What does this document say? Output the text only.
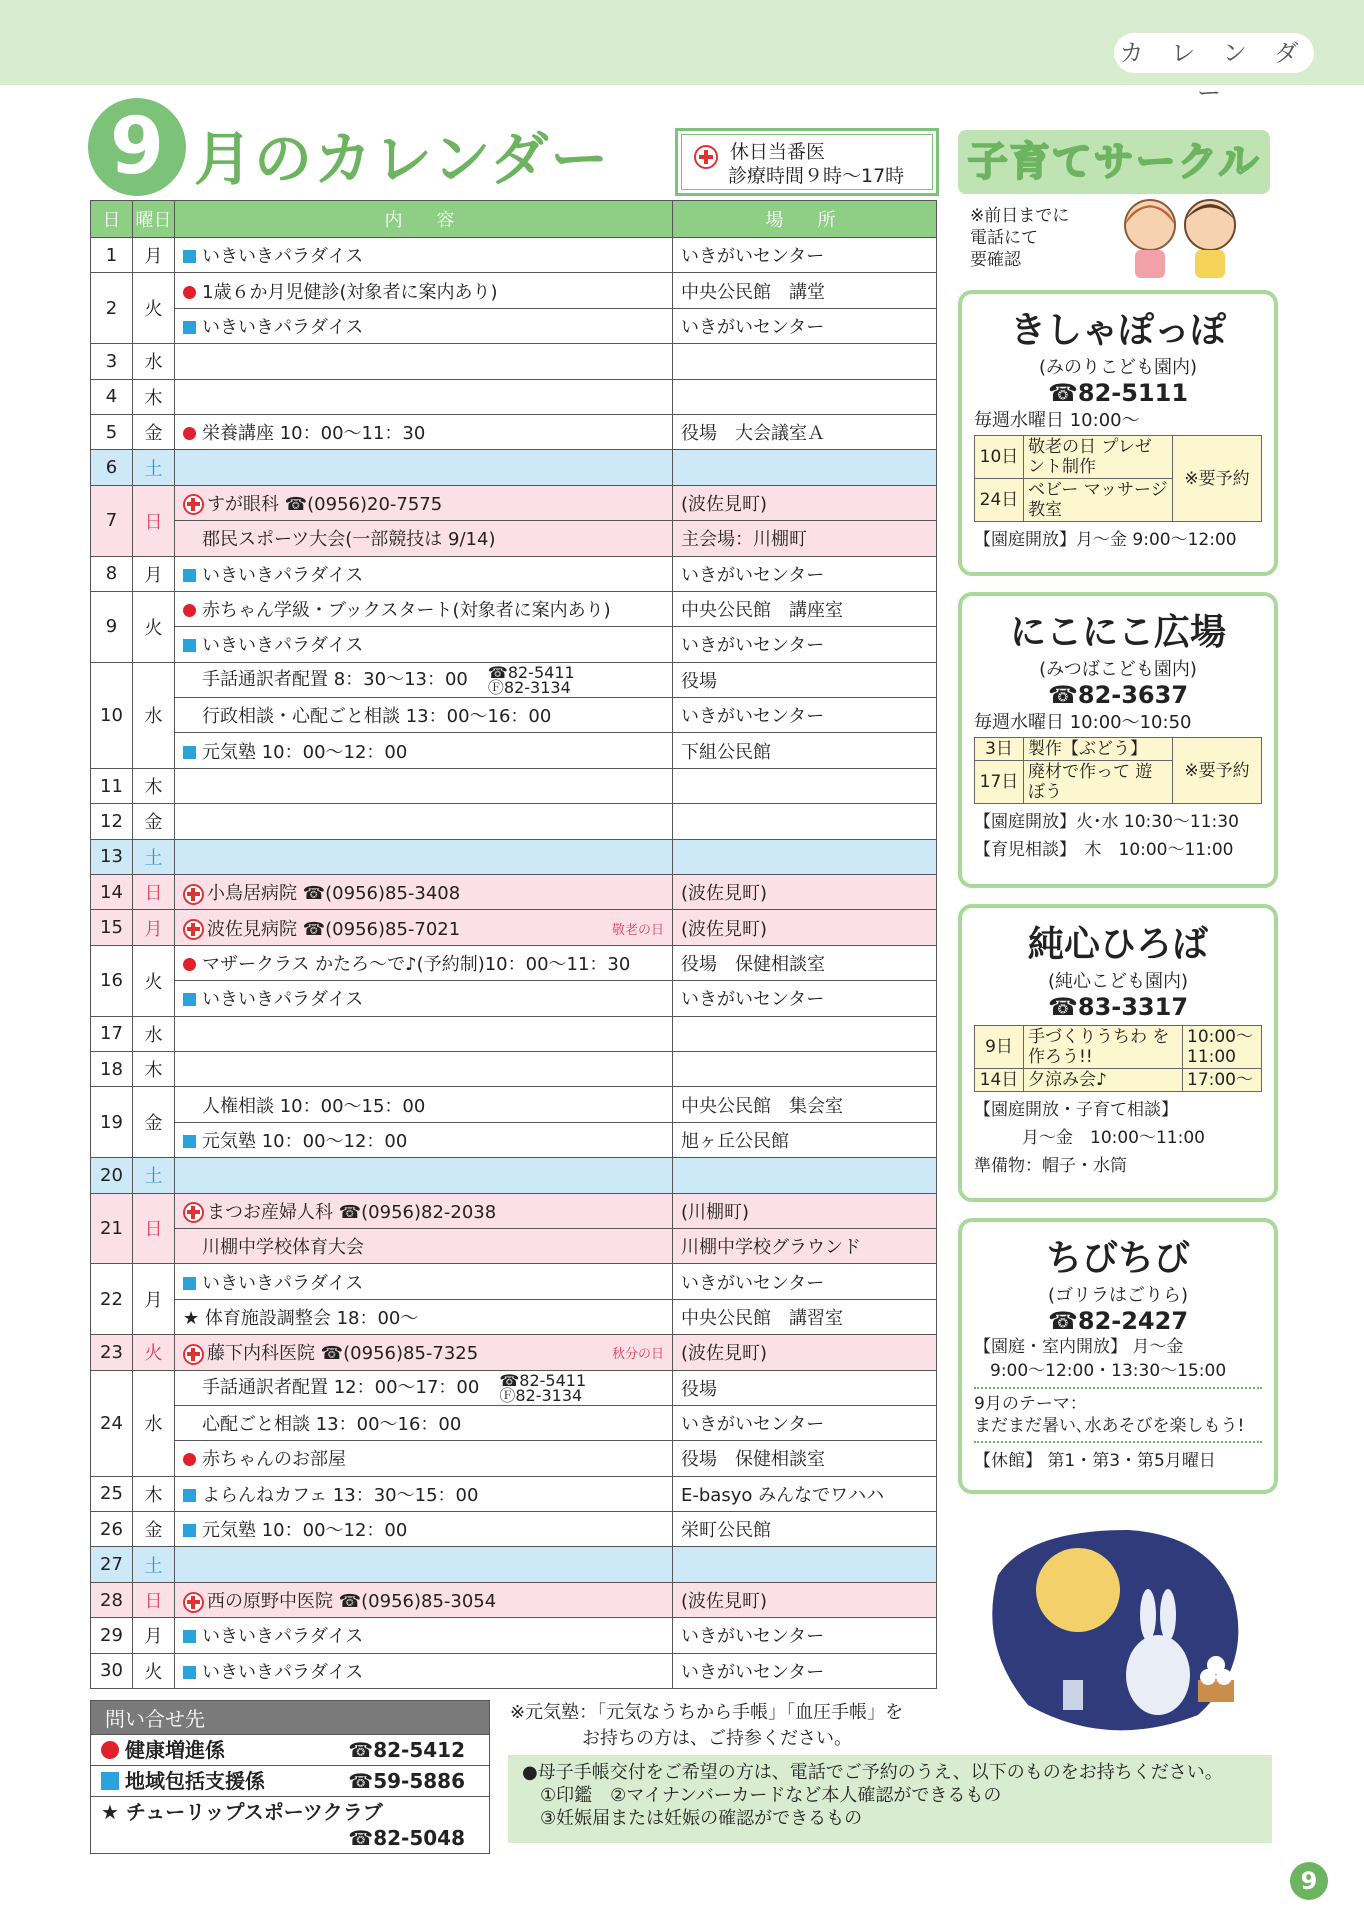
カ レ ン ダ ー
9 月のカレンダー	休日当番医
診療時間９時～17時
日	曜日	内　容	場　所
1	月	いきいきパラダイス	いきがいセンター
2	火	1歳６か月児健診(対象者に案内あり)	中央公民館　講堂
		いきいきパラダイス	いきがいセンター
3	水		
4	木		
5	金	栄養講座 10：00～11：30	役場　大会議室Ａ
6	土		
7	日	すが眼科 ☎(0956)20-7575	(波佐見町)
		郡民スポーツ大会(一部競技は 9/14)	主会場：川棚町
8	月	いきいきパラダイス	いきがいセンター
9	火	赤ちゃん学級・ブックスタート(対象者に案内あり)	中央公民館　講座室
		いきいきパラダイス	いきがいセンター
10	水	手話通訳者配置 8：30～13：00 ☎82-5411
Ⓕ82-3134	役場
		行政相談・心配ごと相談 13：00～16：00	いきがいセンター
		元気塾 10：00～12：00	下組公民館
11	木		
12	金		
13	土		
14	日	小鳥居病院 ☎(0956)85-3408	(波佐見町)
15	月	波佐見病院 ☎(0956)85-7021 敬老の日	(波佐見町)
16	火	マザークラス かたろ～で♪(予約制)10：00～11：30	役場　保健相談室
		いきいきパラダイス	いきがいセンター
17	水		
18	木		
19	金	人権相談 10：00～15：00	中央公民館　集会室
		元気塾 10：00～12：00	旭ヶ丘公民館
20	土		
21	日	まつお産婦人科 ☎(0956)82-2038	(川棚町)
		川棚中学校体育大会	川棚中学校グラウンド
22	月	いきいきパラダイス	いきがいセンター
		★ 体育施設調整会 18：00～	中央公民館　講習室
23	火	藤下内科医院 ☎(0956)85-7325 秋分の日	(波佐見町)
24	水	手話通訳者配置 12：00～17：00 ☎82-5411
Ⓕ82-3134	役場
		心配ごと相談 13：00～16：00	いきがいセンター
		赤ちゃんのお部屋	役場　保健相談室
25	木	よらんねカフェ 13：30～15：00	E-basyo みんなでワハハ
26	金	元気塾 10：00～12：00	栄町公民館
27	土		
28	日	西の原野中医院 ☎(0956)85-3054	(波佐見町)
29	月	いきいきパラダイス	いきがいセンター
30	火	いきいきパラダイス	いきがいセンター
子育てサークル
※前日までに
電話にて
要確認
きしゃぽっぽ
(みのりこども園内)
☎82-5111
毎週水曜日 10:00～
10日	敬老の日 プレゼント制作	※要予約
24日	ベビー マッサージ教室	
【園庭開放】月～金 9:00～12:00
にこにこ広場
(みつばこども園内)
☎82-3637
毎週水曜日 10:00～10:50
3日	製作【ぶどう】	※要予約
17日	廃材で作って 遊ぼう	
【園庭開放】火･水 10:30～11:30
【育児相談】　木　10:00～11:00
純心ひろば
(純心こども園内)
☎83-3317
9日	手づくりうちわ を作ろう!!	10:00～ 11:00
14日	夕涼み会♪	17:00～
【園庭開放・子育て相談】
月～金　10:00～11:00
準備物：帽子・水筒
ちびちび
(ゴリラはごりら)
☎82-2427
【園庭・室内開放】 月～金
9:00～12:00・13:30～15:00
9月のテーマ：
まだまだ暑い､水あそびを楽しもう!
【休館】 第1・第3・第5月曜日
問い合せ先
健康増進係	☎82-5412
地域包括支援係	☎59-5886
★ チューリップスポーツクラブ
☎82-5048
※元気塾：「元気なうちから手帳」「血圧手帳」を
　　　　お持ちの方は、ご持参ください。
●母子手帳交付をご希望の方は、電話でご予約のうえ、以下のものをお持ちください。
　①印鑑　②マイナンバーカードなど本人確認ができるもの
　③妊娠届または妊娠の確認ができるもの
9
